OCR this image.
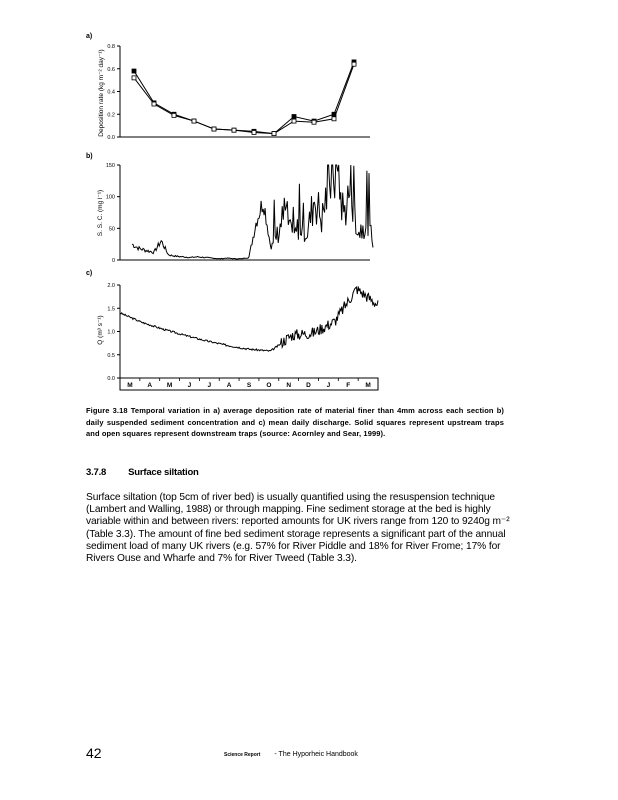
a)
b)
c)
0.8
0.6
0.4
0.2
0.0
Deposition rate (kg m⁻² day⁻¹)
150
100
50
0
S. S. C. (mg l⁻¹)
2.0
1.5
1.0
0.5
0.0
M A M J J A S O N D J F M
Q (m³ s⁻¹)
Figure 3.18 Temporal variation in a) average deposition rate of material finer than 4mm across each section b) daily suspended sediment concentration and c) mean daily discharge. Solid squares represent upstream traps and open squares represent downstream traps (source: Acornley and Sear, 1999).
3.7.8 Surface siltation
Surface siltation (top 5cm of river bed) is usually quantified using the resuspension technique (Lambert and Walling, 1988) or through mapping. Fine sediment storage at the bed is highly variable within and between rivers: reported amounts for UK rivers range from 120 to 9240g m⁻² (Table 3.3). The amount of fine bed sediment storage represents a significant part of the annual sediment load of many UK rivers (e.g. 57% for River Piddle and 18% for River Frome; 17% for Rivers Ouse and Wharfe and 7% for River Tweed (Table 3.3).
42	Science Report - The Hyporheic Handbook
